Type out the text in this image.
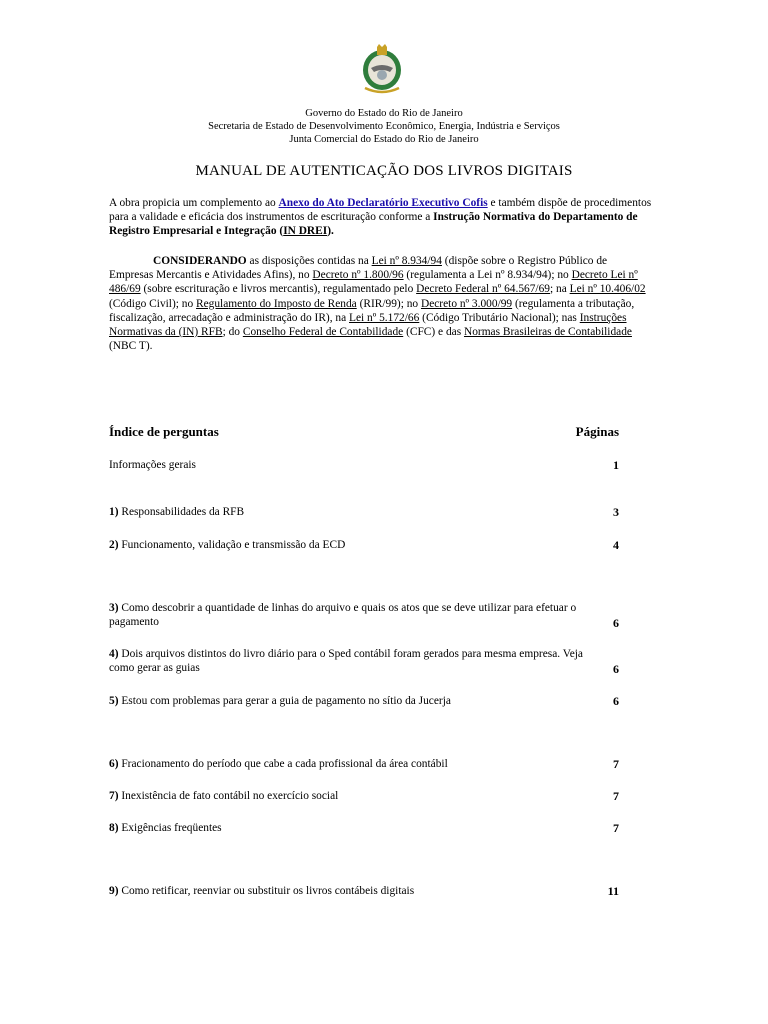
Governo do Estado do Rio de Janeiro
Secretaria de Estado de Desenvolvimento Econômico, Energia, Indústria e Serviços
Junta Comercial do Estado do Rio de Janeiro
MANUAL DE AUTENTICAÇÃO DOS LIVROS DIGITAIS
A obra propicia um complemento ao Anexo do Ato Declaratório Executivo Cofis e também dispõe de procedimentos para a validade e eficácia dos instrumentos de escrituração conforme a Instrução Normativa do Departamento de Registro Empresarial e Integração (IN DREI).
CONSIDERANDO as disposições contidas na Lei nº 8.934/94 (dispõe sobre o Registro Público de Empresas Mercantis e Atividades Afins), no Decreto nº 1.800/96 (regulamenta a Lei nº 8.934/94); no Decreto Lei nº 486/69 (sobre escrituração e livros mercantis), regulamentado pelo Decreto Federal nº 64.567/69; na Lei nº 10.406/02 (Código Civil); no Regulamento do Imposto de Renda (RIR/99); no Decreto nº 3.000/99 (regulamenta a tributação, fiscalização, arrecadação e administração do IR), na Lei nº 5.172/66 (Código Tributário Nacional); nas Instruções Normativas da (IN) RFB; do Conselho Federal de Contabilidade (CFC) e das Normas Brasileiras de Contabilidade (NBC T).
Índice de perguntas	Páginas
Informações gerais	1
1) Responsabilidades da RFB	3
2) Funcionamento, validação e transmissão da ECD	4
3) Como descobrir a quantidade de linhas do arquivo e quais os atos que se deve utilizar para efetuar o pagamento	6
4) Dois arquivos distintos do livro diário para o Sped contábil foram gerados para mesma empresa. Veja como gerar as guias	6
5) Estou com problemas para gerar a guia de pagamento no sítio da Jucerja	6
6) Fracionamento do período que cabe a cada profissional da área contábil	7
7) Inexistência de fato contábil no exercício social	7
8) Exigências freqüentes	7
9) Como retificar, reenviar ou substituir os livros contábeis digitais	11
